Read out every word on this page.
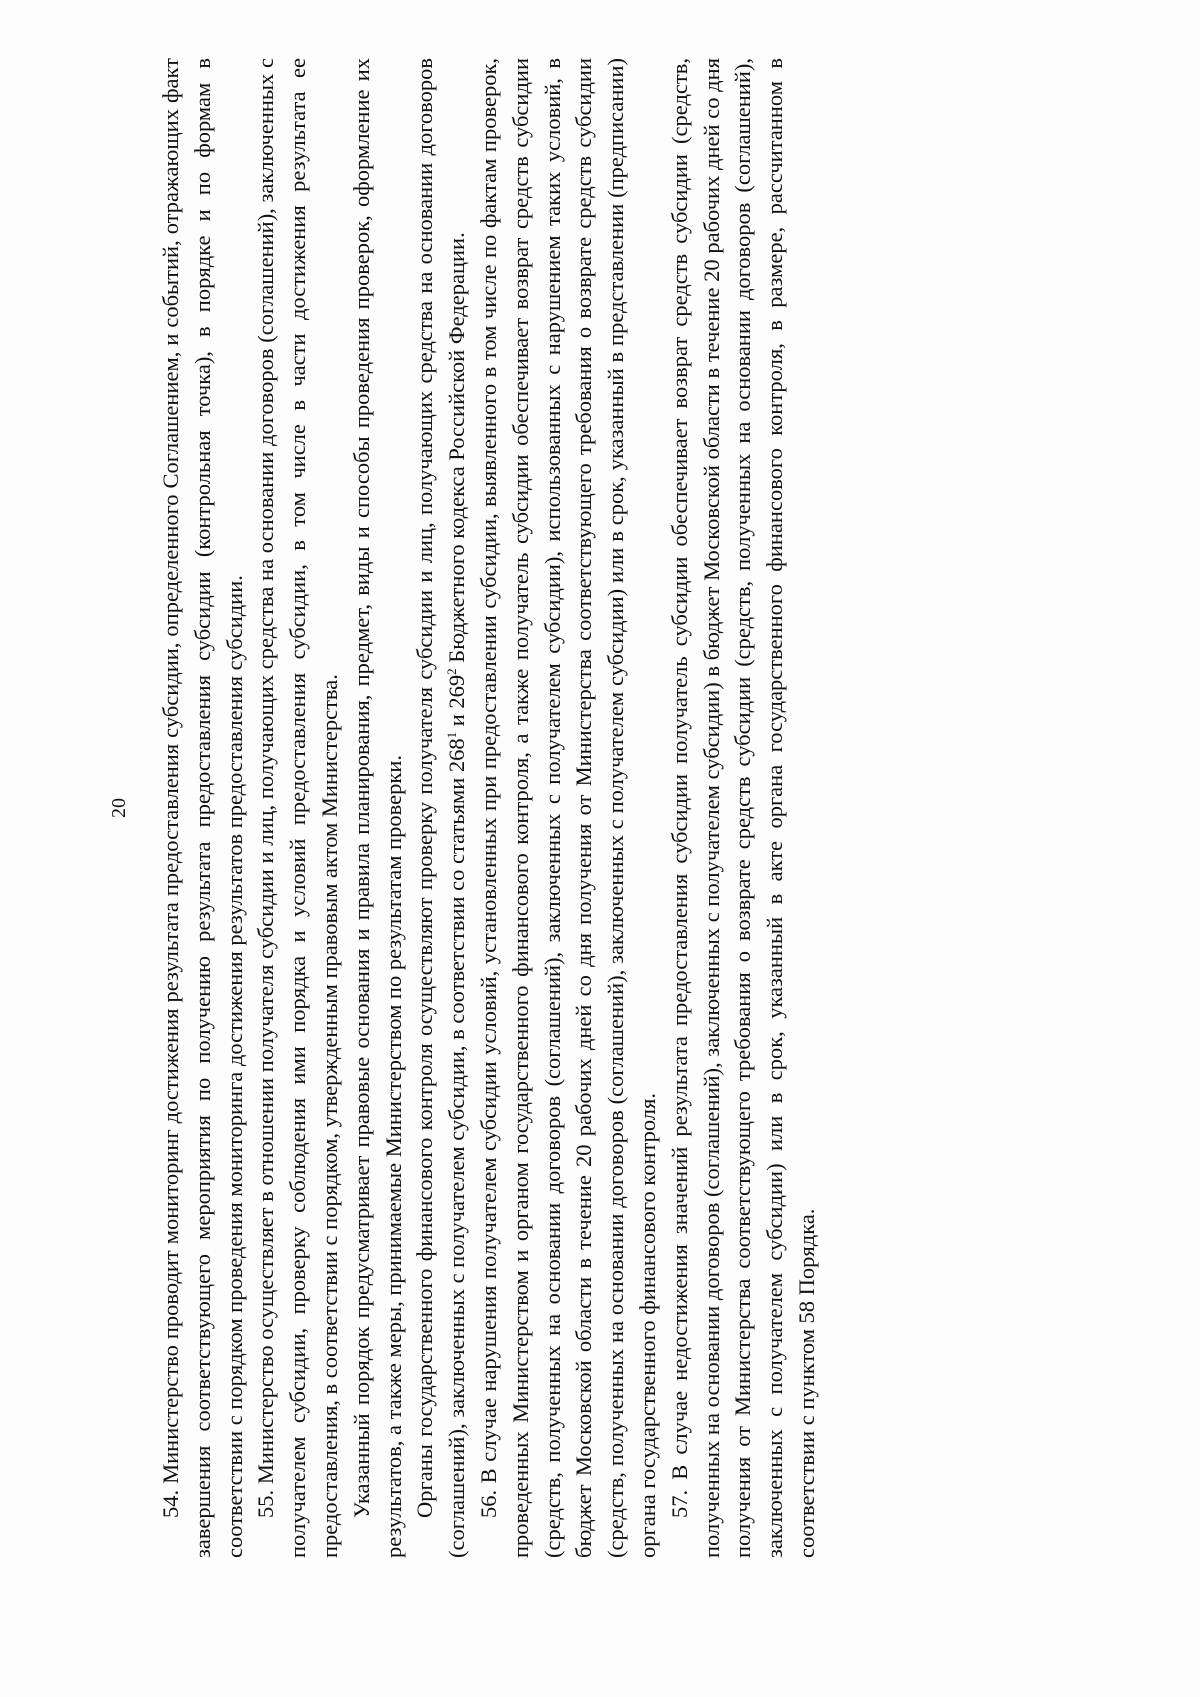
20 54. Министерство проводит мониторинг достижения результата предоставления субсидии, определенного Соглашением, и событий, отражающих факт завершения соответствующего мероприятия по получению результата предоставления субсидии (контрольная точка), в порядке и по формам в соответствии с порядком проведения мониторинга достижения результатов предоставления субсидии. 55. Министерство осуществляет в отношении получателя субсидии и лиц, получающих средства на основании договоров (соглашений), заключенных с получателем субсидии, проверку соблюдения ими порядка и условий предоставления субсидии, в том числе в части достижения результата ее предоставления, в соответствии с порядком, утвержденным правовым актом Министерства. Указанный порядок предусматривает правовые основания и правила планирования, предмет, виды и способы проведения проверок, оформление их результатов, а также меры, принимаемые Министерством по результатам проверки. Органы государственного финансового контроля осуществляют проверку получателя субсидии и лиц, получающих средства на основании договоров (соглашений), заключенных с получателем субсидии, в соответствии со статьями $268^1$ и $269^2$ Бюджетного кодекса Российской Федерации. 56. В случае нарушения получателем субсидии условий, установленных при предоставлении субсидии, выявленного в том числе по фактам проверок, проведенных Министерством и органом государственного финансового контроля, а также получатель субсидии обеспечивает возврат средств субсидии (средств, полученных на основании договоров (соглашений), заключенных с получателем субсидии), использованных с нарушением таких условий, в бюджет Московской области в течение 20 рабочих дней со дня получения от Министерства соответствующего требования о возврате средств субсидии (средств, полученных на основании договоров (соглашений), заключенных с получателем субсидии) или в срок, указанный в представлении (предписании) органа государственного финансового контроля. 57. В случае недостижения значений результата предоставления субсидии получатель субсидии обеспечивает возврат средств субсидии (средств, полученных на основании договоров (соглашений), заключенных с получателем субсидии) в бюджет Московской области в течение 20 рабочих дней со дня получения от Министерства соответствующего требования о возврате средств субсидии (средств, полученных на основании договоров (соглашений), заключенных с получателем субсидии) или в срок, указанный в акте органа государственного финансового контроля, в размере, рассчитанном в соответствии с пунктом 58 Порядка.
